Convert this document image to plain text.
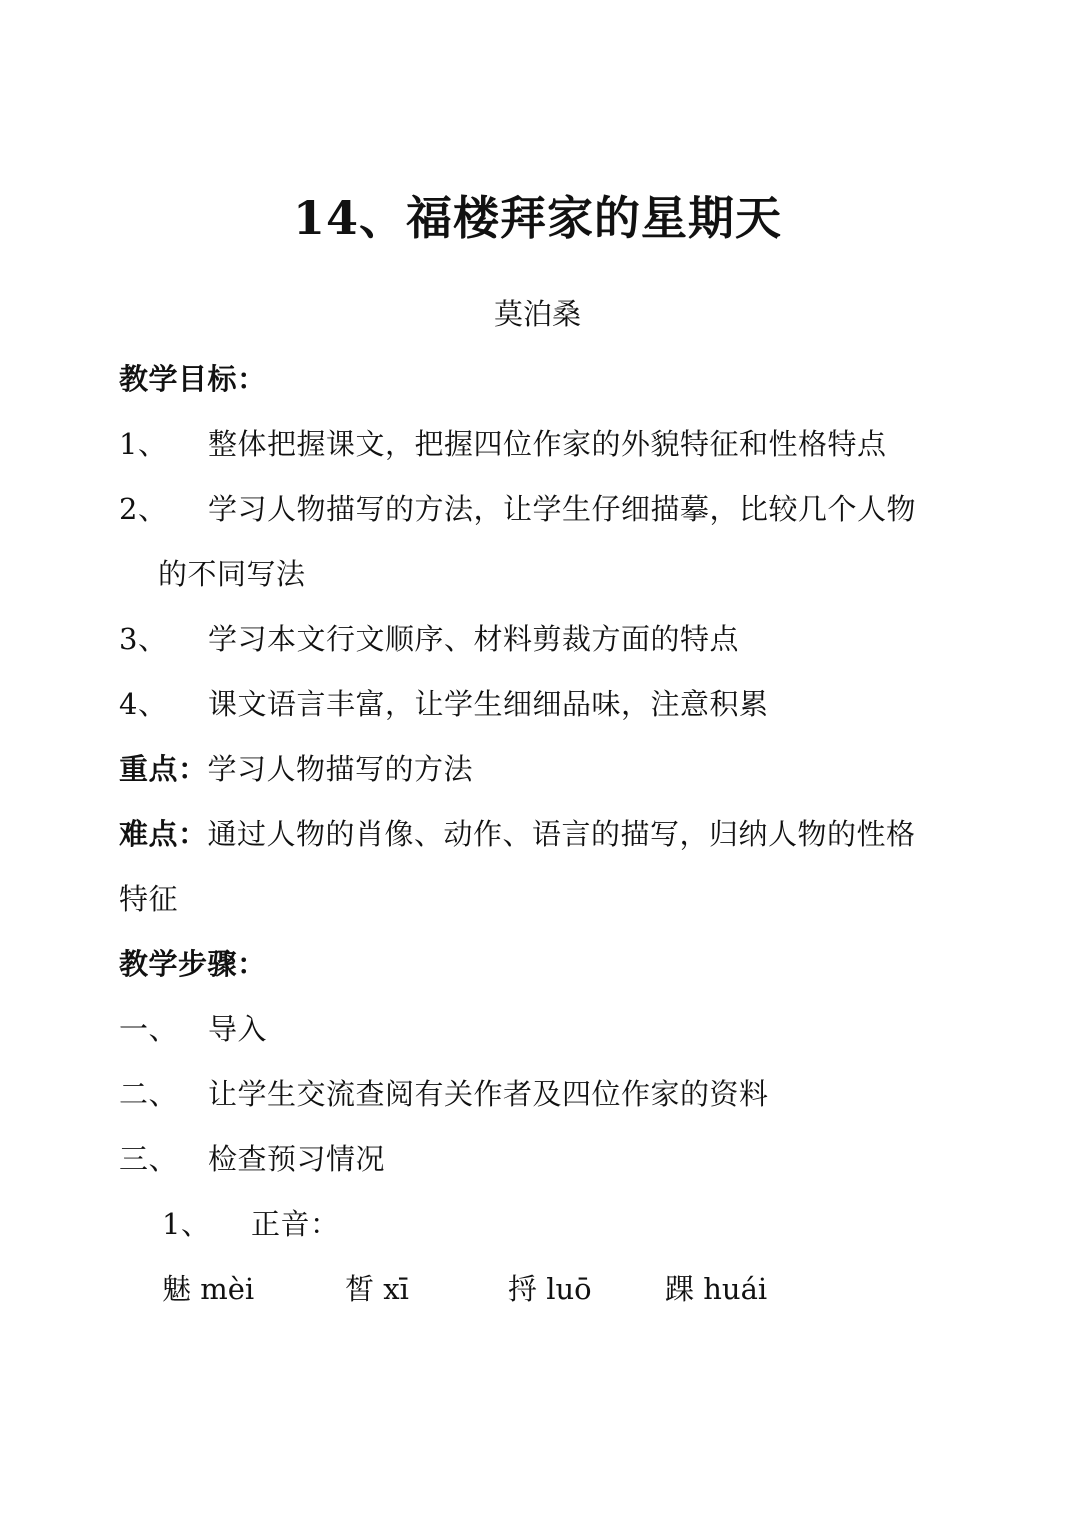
14、福楼拜家的星期天
莫泊桑
教学目标：
1、 整体把握课文，把握四位作家的外貌特征和性格特点
2、 学习人物描写的方法，让学生仔细描摹，比较几个人物
的不同写法
3、 学习本文行文顺序、材料剪裁方面的特点
4、 课文语言丰富，让学生细细品味，注意积累
重点：学习人物描写的方法
难点：通过人物的肖像、动作、语言的描写，归纳人物的性格
特征
教学步骤：
一、 导入
二、 让学生交流查阅有关作者及四位作家的资料
三、 检查预习情况
1、 正音：
魅 mèi	皙 xī	捋 luō	踝 huái
